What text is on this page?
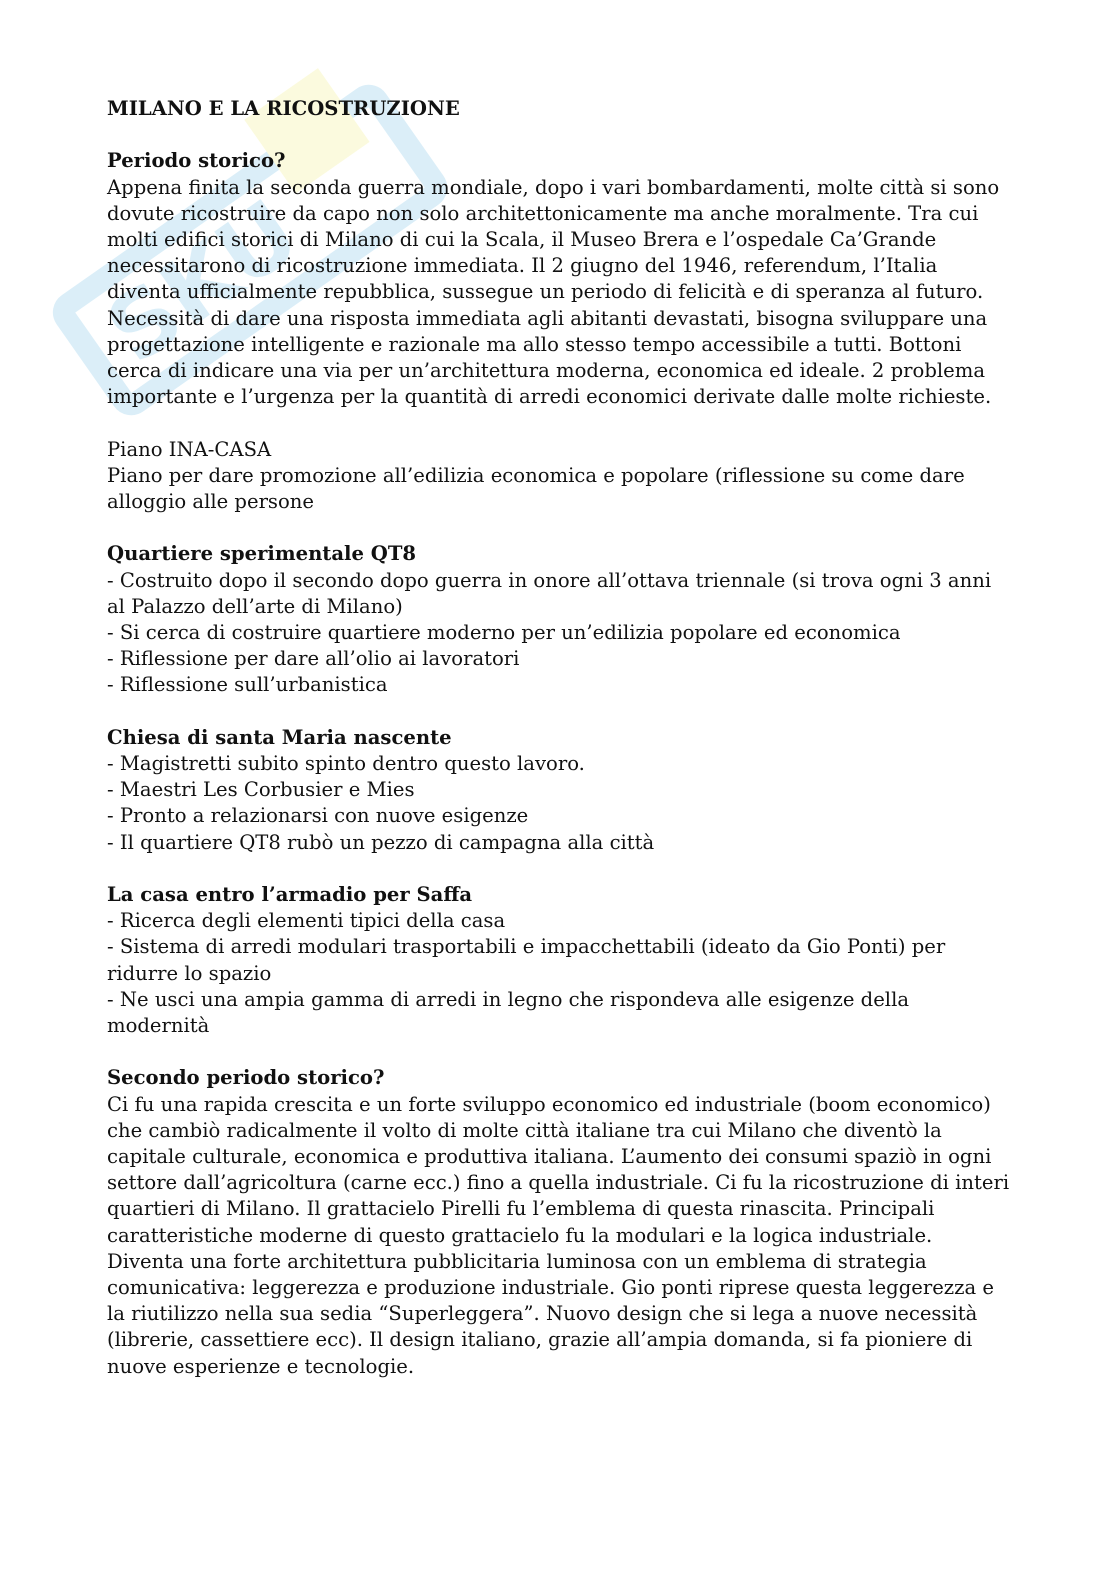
SKU

MILANO E LA RICOSTRUZIONE

Periodo storico?

Appena finita la seconda guerra mondiale, dopo i vari bombardamenti, molte città si sono dovute ricostruire da capo non solo architettonicamente ma anche moralmente. Tra cui molti edifici storici di Milano di cui la Scala, il Museo Brera e l’ospedale Ca’Grande necessitarono di ricostruzione immediata. Il 2 giugno del 1946, referendum, l’Italia diventa ufficialmente repubblica, sussegue un periodo di felicità e di speranza al futuro. Necessità di dare una risposta immediata agli abitanti devastati, bisogna sviluppare una progettazione intelligente e razionale ma allo stesso tempo accessibile a tutti. Bottoni cerca di indicare una via per un’architettura moderna, economica ed ideale. 2 problema importante e l’urgenza per la quantità di arredi economici derivate dalle molte richieste.

Piano INA-CASA

Piano per dare promozione all’edilizia economica e popolare (riflessione su come dare alloggio alle persone

Quartiere sperimentale QT8

- Costruito dopo il secondo dopo guerra in onore all’ottava triennale (si trova ogni 3 anni al Palazzo dell’arte di Milano)
- Si cerca di costruire quartiere moderno per un’edilizia popolare ed economica
- Riflessione per dare all’olio ai lavoratori
- Riflessione sull’urbanistica

Chiesa di santa Maria nascente

- Magistretti subito spinto dentro questo lavoro.
- Maestri Les Corbusier e Mies
- Pronto a relazionarsi con nuove esigenze
- Il quartiere QT8 rubò un pezzo di campagna alla città

La casa entro l’armadio per Saffa

- Ricerca degli elementi tipici della casa
- Sistema di arredi modulari trasportabili e impacchettabili (ideato da Gio Ponti) per ridurre lo spazio
- Ne usci una ampia gamma di arredi in legno che rispondeva alle esigenze della modernità

Secondo periodo storico?

Ci fu una rapida crescita e un forte sviluppo economico ed industriale (boom economico) che cambiò radicalmente il volto di molte città italiane tra cui Milano che diventò la capitale culturale, economica e produttiva italiana. L’aumento dei consumi spaziò in ogni settore dall’agricoltura (carne ecc.) fino a quella industriale. Ci fu la ricostruzione di interi quartieri di Milano. Il grattacielo Pirelli fu l’emblema di questa rinascita. Principali caratteristiche moderne di questo grattacielo fu la modulari e la logica industriale. Diventa una forte architettura pubblicitaria luminosa con un emblema di strategia comunicativa: leggerezza e produzione industriale. Gio ponti riprese questa leggerezza e la riutilizzo nella sua sedia “Superleggera”. Nuovo design che si lega a nuove necessità (librerie, cassettiere ecc). Il design italiano, grazie all’ampia domanda, si fa pioniere di nuove esperienze e tecnologie.
